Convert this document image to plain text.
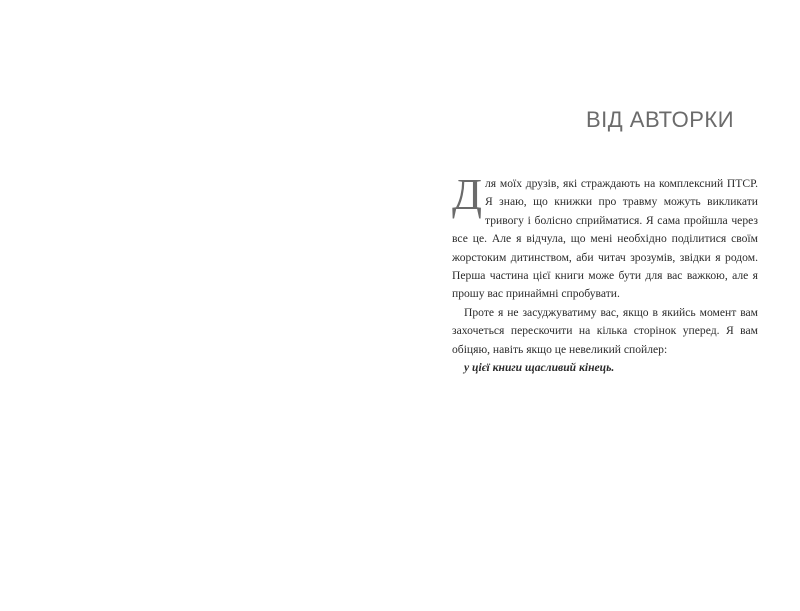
ВІД АВТОРКИ

Для моїх друзів, які страждають на комплексний ПТСР. Я знаю, що книжки про травму можуть викликати тривогу і болісно сприйматися. Я сама пройшла через все це. Але я відчула, що мені необхідно поділитися своїм жорстоким дитинством, аби читач зрозумів, звідки я родом. Перша частина цієї книги може бути для вас важкою, але я прошу вас принаймні спробувати.

Проте я не засуджуватиму вас, якщо в якийсь момент вам захочеться перескочити на кілька сторінок уперед. Я вам обіцяю, навіть якщо це невеликий спойлер:

у цієї книги щасливий кінець.
